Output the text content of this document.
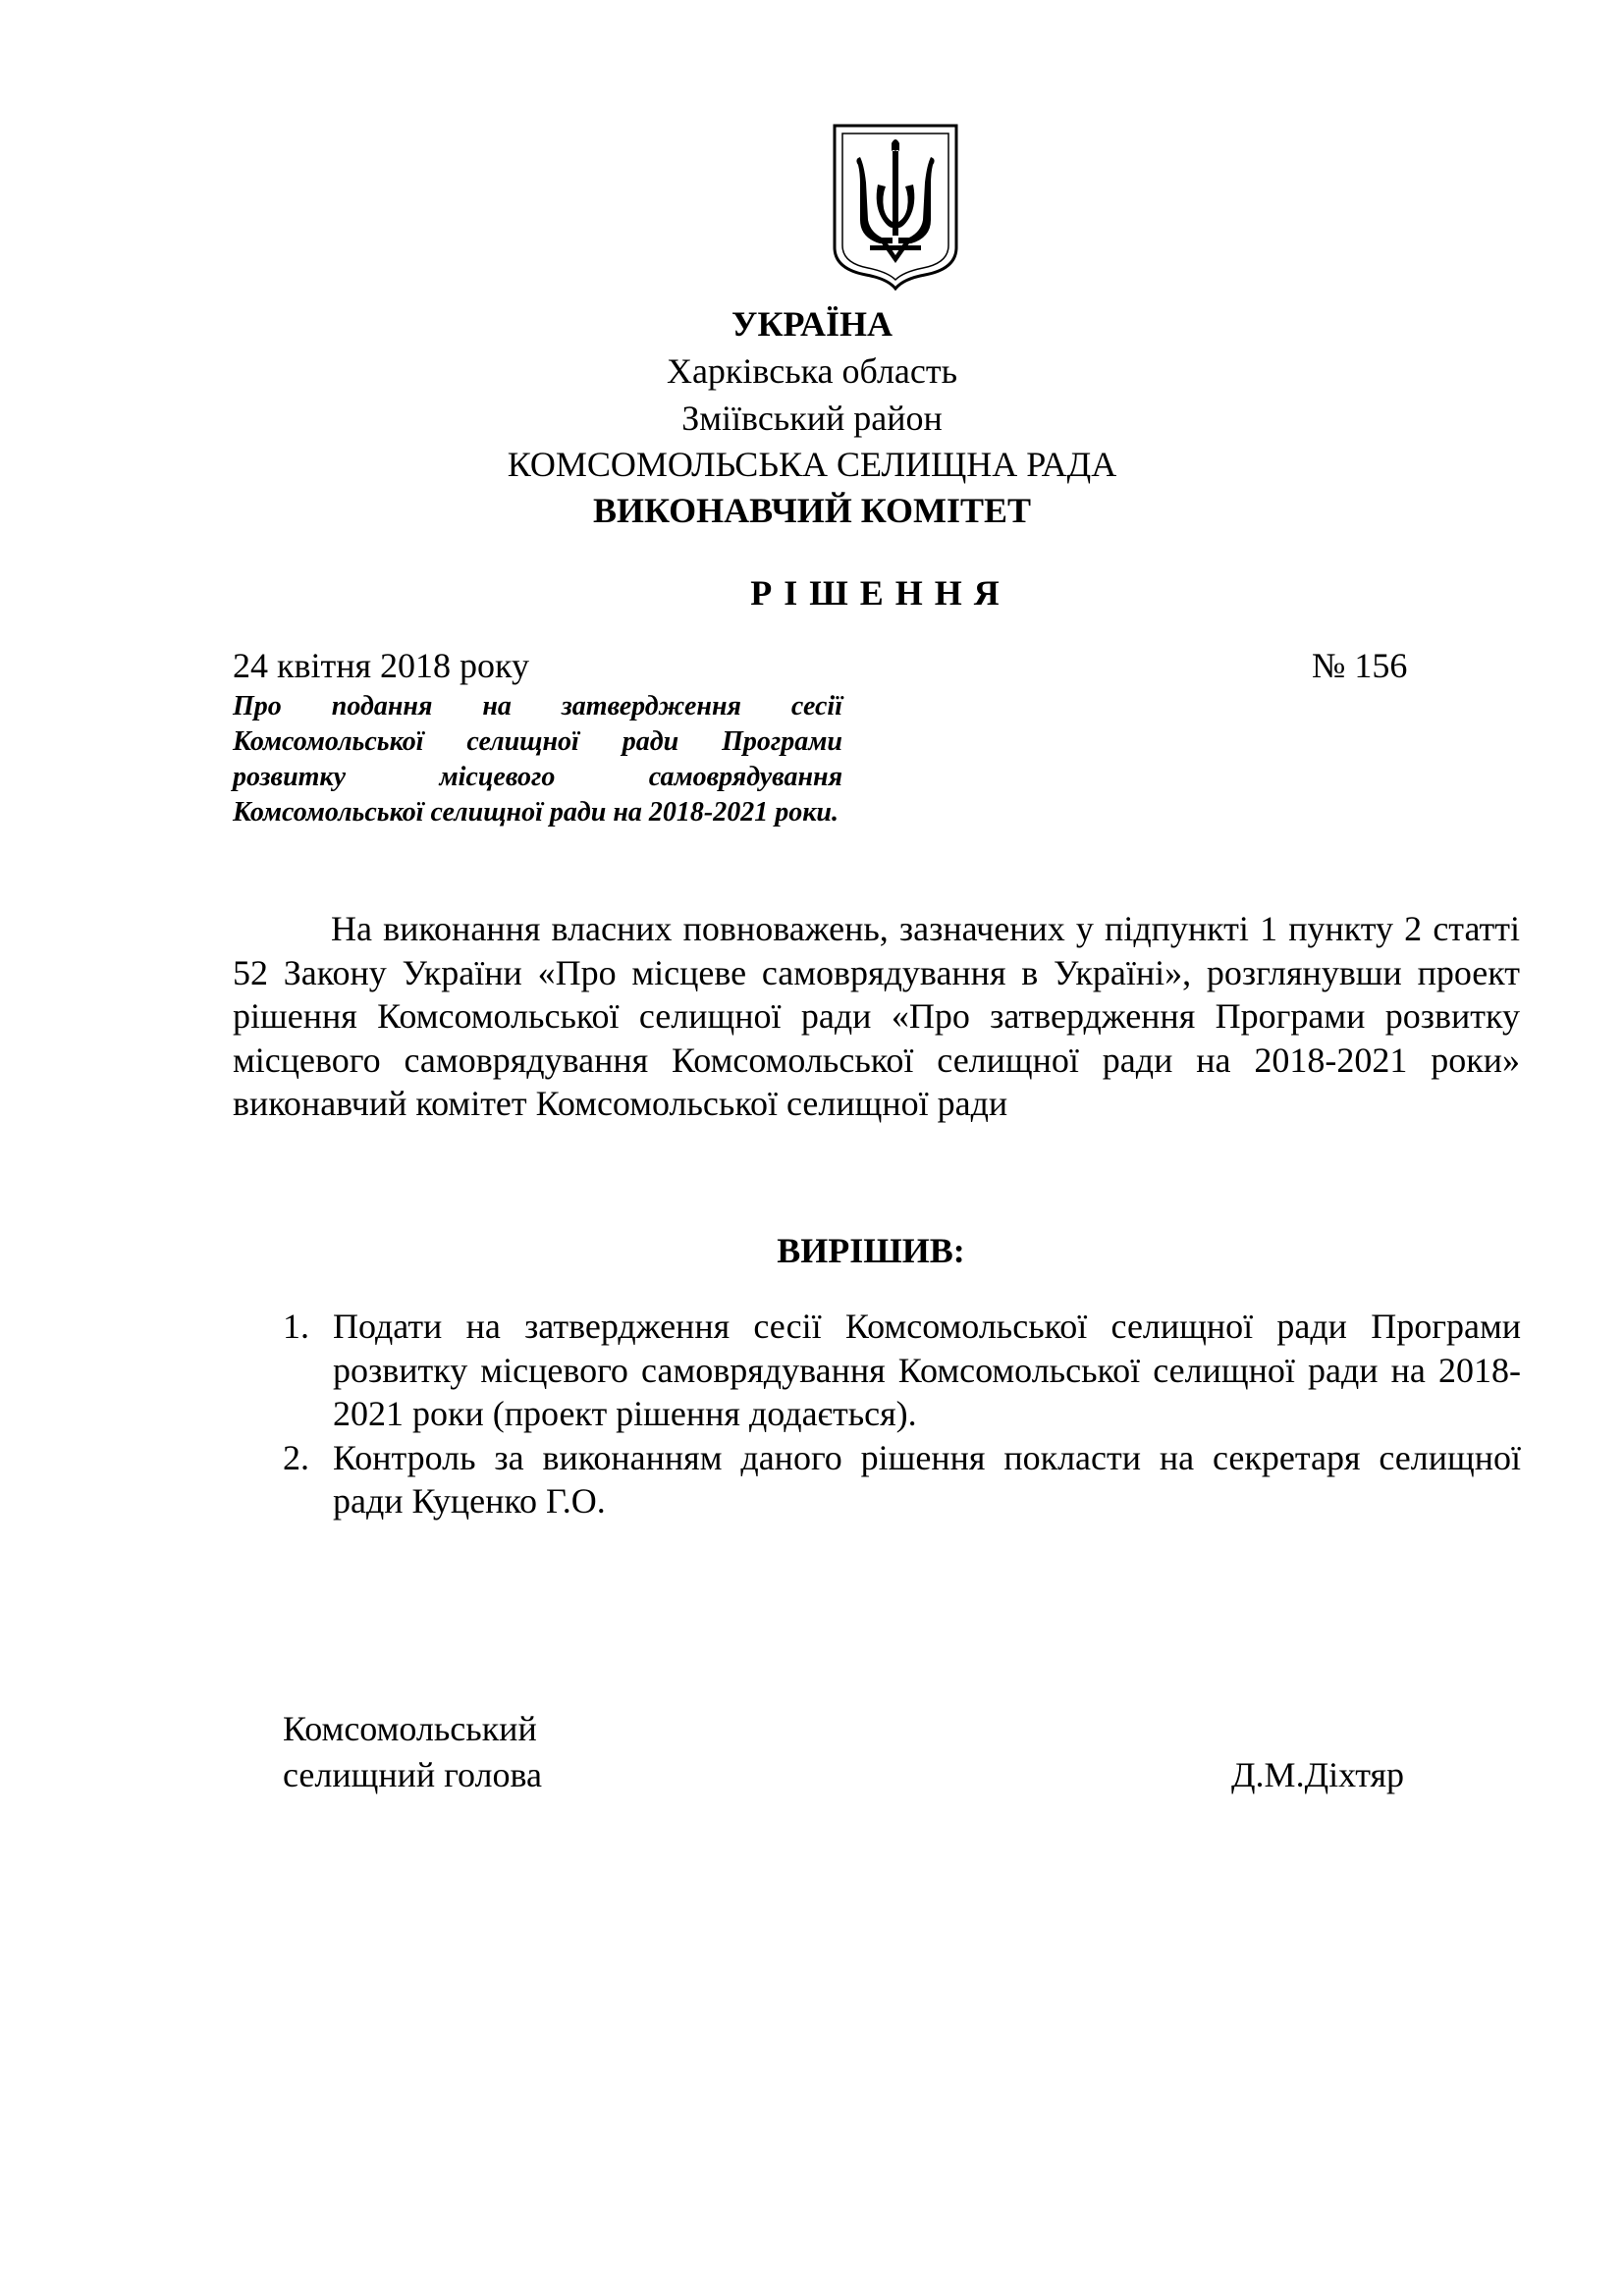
УКРАЇНА
Харківська область
Зміївський район
КОМСОМОЛЬСЬКА СЕЛИЩНА РАДА
ВИКОНАВЧИЙ КОМІТЕТ
РІШЕННЯ
24 квітня 2018 року	№ 156
Про подання на затвердження сесії Комсомольської селищної ради Програми розвитку місцевого самоврядування Комсомольської селищної ради на 2018-2021 роки.
На виконання власних повноважень, зазначених у підпункті 1 пункту 2 статті 52 Закону України «Про місцеве самоврядування в Україні», розглянувши проект рішення Комсомольської селищної ради «Про затвердження Програми розвитку місцевого самоврядування Комсомольської селищної ради на 2018-2021 роки» виконавчий комітет Комсомольської селищної ради
ВИРІШИВ:
1. Подати на затвердження сесії Комсомольської селищної ради Програми розвитку місцевого самоврядування Комсомольської селищної ради на 2018-2021 роки (проект рішення додається).
2. Контроль за виконанням даного рішення покласти на секретаря селищної ради Куценко Г.О.
Комсомольський
селищний голова	Д.М.Діхтяр
